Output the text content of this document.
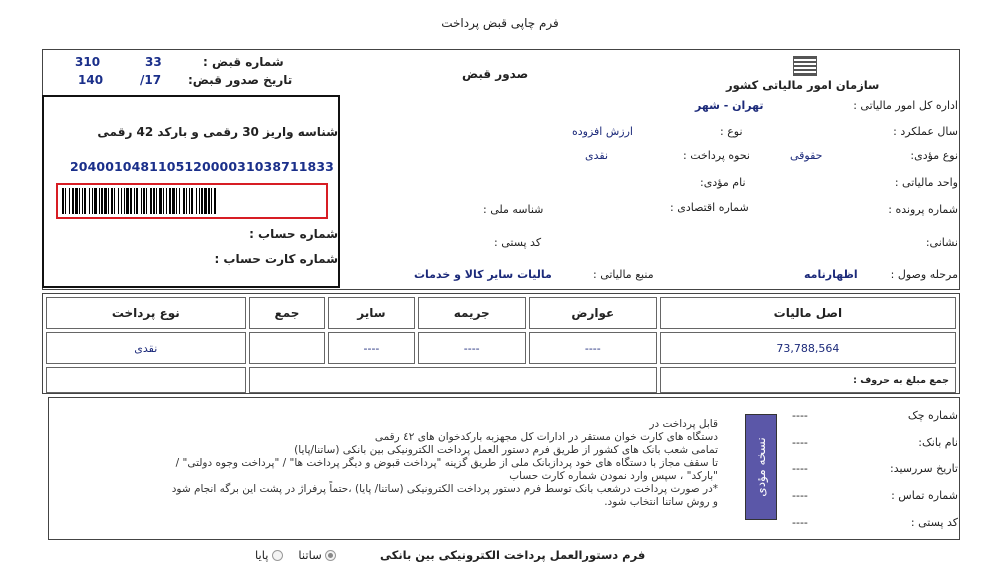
فرم چاپی قبض پرداخت
شماره قبض :
33
310
تاریخ صدور قبض:
/17
140	صدور قبض
سازمان امور مالیاتی کشور
اداره کل امور مالیاتی :
تهران - شهر
سال عملکرد :
نوع :
ارزش افزوده
نوع مؤدی:
حقوقی
نحوه پرداخت :
نقدی
واحد مالیاتی :
نام مؤدی:
شماره پرونده :
شماره اقتصادی :
شناسه ملی :
نشانی:
کد پستی :
مرحله وصول :
اظهارنامه
منبع مالیاتی :
مالیات سایر کالا و خدمات
شناسه واریز 30 رقمی و بارکد 42 رقمی
204001048110512000031038711833
شماره حساب :
شماره کارت حساب :
اصل مالیات	عوارض	جریمه	سایر	جمع	نوع پرداخت
73,788,564	----	----	----		نقدی
جمع مبلغ به حروف :					
شماره چک
----
نام بانک:
----
تاریخ سررسید:
----
شماره تماس :
----
کد پستی :
----
نسخه مؤدی
قابل پرداخت در
دستگاه های کارت خوان مستقر در ادارات کل مجهزبه بارکدخوان های ٤٢ رقمی
تمامی شعب بانک های کشور از طریق فرم دستور العمل پرداخت الکترونیکی بین بانکی (ساتنا/پایا)
تا سقف مجاز با دستگاه های خود پردازبانک ملی از طریق گزینه "پرداخت قبوض و دیگر پرداخت ها" / "پرداخت وجوه دولتی" /
"بارکد" ، سپس وارد نمودن شماره کارت حساب
*در صورت پرداخت درشعب بانک توسط فرم دستور پرداخت الکترونیکی (ساتنا/ پایا) ،حتماً پرفراژ در پشت این برگه انجام شود
و روش ساتنا انتخاب شود.
فرم دستورالعمل پرداخت الکترونیکی بین بانکی
ساتنا   پایا
